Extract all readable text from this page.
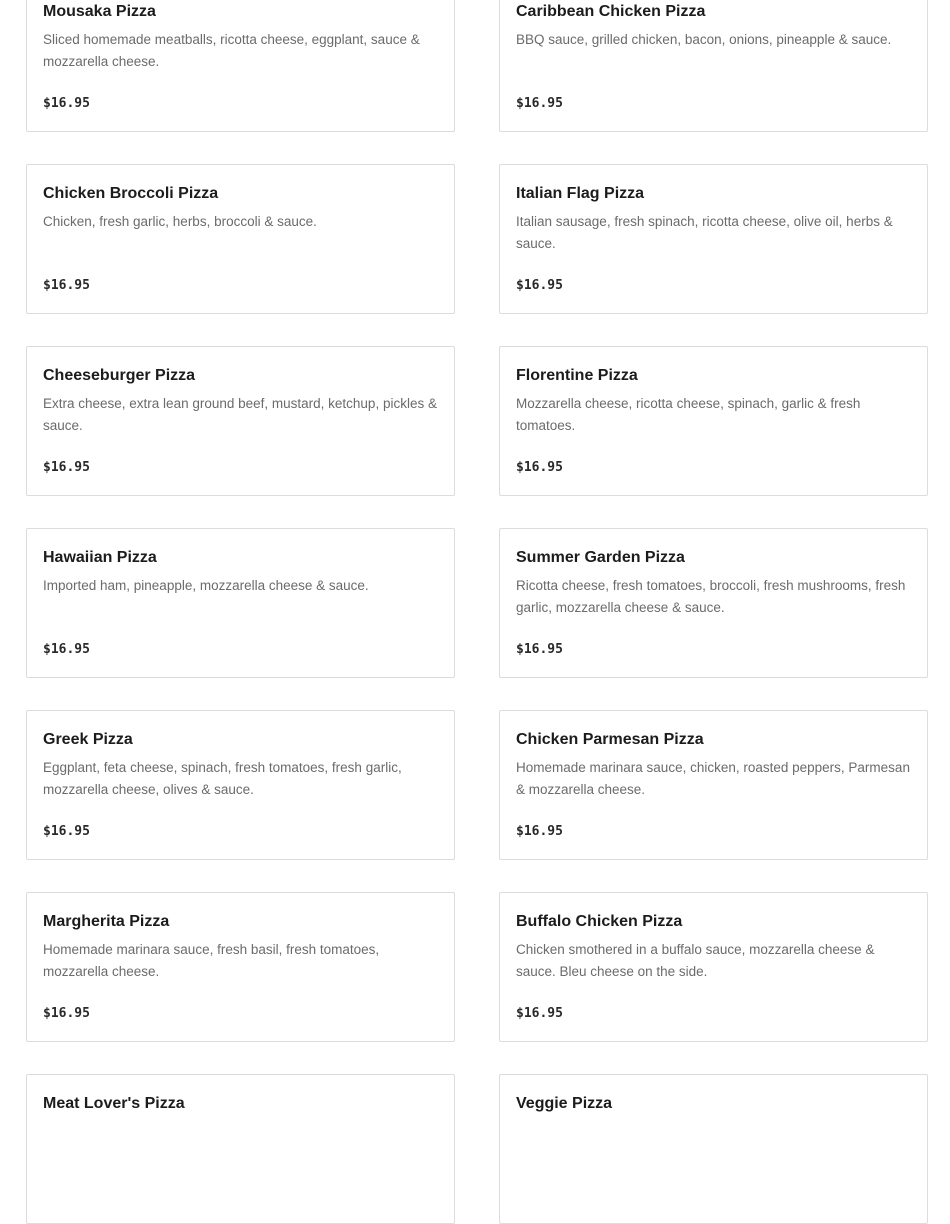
Mousaka Pizza
Sliced homemade meatballs, ricotta cheese, eggplant, sauce & mozzarella cheese.
$16.95
Caribbean Chicken Pizza
BBQ sauce, grilled chicken, bacon, onions, pineapple & sauce.
$16.95
Chicken Broccoli Pizza
Chicken, fresh garlic, herbs, broccoli & sauce.
$16.95
Italian Flag Pizza
Italian sausage, fresh spinach, ricotta cheese, olive oil, herbs & sauce.
$16.95
Cheeseburger Pizza
Extra cheese, extra lean ground beef, mustard, ketchup, pickles & sauce.
$16.95
Florentine Pizza
Mozzarella cheese, ricotta cheese, spinach, garlic & fresh tomatoes.
$16.95
Hawaiian Pizza
Imported ham, pineapple, mozzarella cheese & sauce.
$16.95
Summer Garden Pizza
Ricotta cheese, fresh tomatoes, broccoli, fresh mushrooms, fresh garlic, mozzarella cheese & sauce.
$16.95
Greek Pizza
Eggplant, feta cheese, spinach, fresh tomatoes, fresh garlic, mozzarella cheese, olives & sauce.
$16.95
Chicken Parmesan Pizza
Homemade marinara sauce, chicken, roasted peppers, Parmesan & mozzarella cheese.
$16.95
Margherita Pizza
Homemade marinara sauce, fresh basil, fresh tomatoes, mozzarella cheese.
$16.95
Buffalo Chicken Pizza
Chicken smothered in a buffalo sauce, mozzarella cheese & sauce. Bleu cheese on the side.
$16.95
Meat Lover's Pizza	Veggie Pizza
